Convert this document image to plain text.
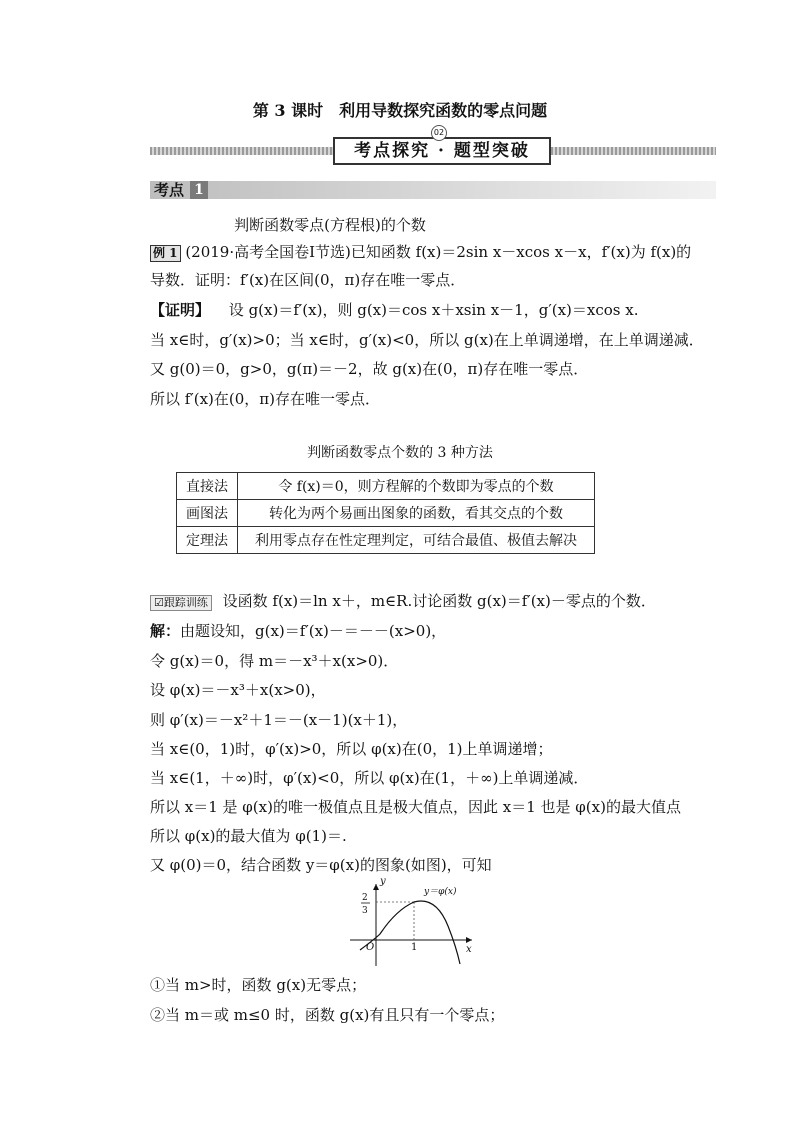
第 3 课时　利用导数探究函数的零点问题
考点探究 · 题型突破
02
考点 1
判断函数零点(方程根)的个数
例 1 (2019·高考全国卷Ⅰ节选)已知函数 f(x)＝2sin x－xcos x－x，f′(x)为 f(x)的
导数．证明：f′(x)在区间(0，π)存在唯一零点．
【证明】 设 g(x)＝f′(x)，则 g(x)＝cos x＋xsin x－1，g′(x)＝xcos x.
当 x∈时，g′(x)>0；当 x∈时，g′(x)<0，所以 g(x)在上单调递增，在上单调递减．
又 g(0)＝0，g>0，g(π)＝－2，故 g(x)在(0，π)存在唯一零点．
所以 f′(x)在(0，π)存在唯一零点．
判断函数零点个数的 3 种方法
直接法	令 f(x)＝0，则方程解的个数即为零点的个数
画图法	转化为两个易画出图象的函数，看其交点的个数
定理法	利用零点存在性定理判定，可结合最值、极值去解决
☑跟踪训练 设函数 f(x)＝ln x＋，m∈R.讨论函数 g(x)＝f′(x)－零点的个数．
解：由题设知，g(x)＝f′(x)－＝－－(x>0)，
令 g(x)＝0，得 m＝－x³＋x(x>0)．
设 φ(x)＝－x³＋x(x>0)，
则 φ′(x)＝－x²＋1＝－(x－1)(x＋1)，
当 x∈(0，1)时，φ′(x)>0，所以 φ(x)在(0，1)上单调递增；
当 x∈(1，＋∞)时，φ′(x)<0，所以 φ(x)在(1，＋∞)上单调递减．
所以 x＝1 是 φ(x)的唯一极值点且是极大值点，因此 x＝1 也是 φ(x)的最大值点
所以 φ(x)的最大值为 φ(1)＝.
又 φ(0)＝0，结合函数 y＝φ(x)的图象(如图)，可知
y
x
O	1
2
3
y＝φ(x)
①当 m>时，函数 g(x)无零点；
②当 m＝或 m≤0 时，函数 g(x)有且只有一个零点；
